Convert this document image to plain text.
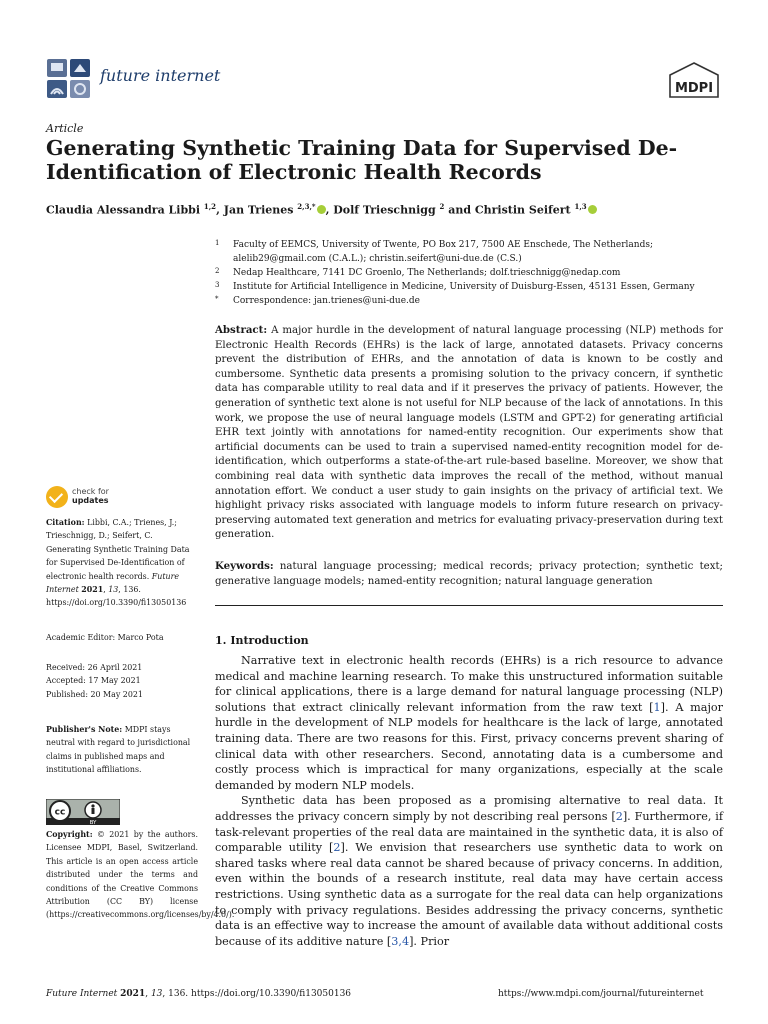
future internet
MDPI
Article
Generating Synthetic Training Data for Supervised De-Identification of Electronic Health Records
Claudia Alessandra Libbi $^{1,2}$, Jan Trienes $^{2,3,*}$ , Dolf Trieschnigg $^2$ and Christin Seifert $^{1,3}$
1 Faculty of EEMCS, University of Twente, PO Box 217, 7500 AE Enschede, The Netherlands; alelib29@gmail.com (C.A.L.); christin.seifert@uni-due.de (C.S.)
2 Nedap Healthcare, 7141 DC Groenlo, The Netherlands; dolf.trieschnigg@nedap.com
3 Institute for Artificial Intelligence in Medicine, University of Duisburg-Essen, 45131 Essen, Germany
* Correspondence: jan.trienes@uni-due.de
Abstract: A major hurdle in the development of natural language processing (NLP) methods for Electronic Health Records (EHRs) is the lack of large, annotated datasets. Privacy concerns prevent the distribution of EHRs, and the annotation of data is known to be costly and cumbersome. Synthetic data presents a promising solution to the privacy concern, if synthetic data has comparable utility to real data and if it preserves the privacy of patients. However, the generation of synthetic text alone is not useful for NLP because of the lack of annotations. In this work, we propose the use of neural language models (LSTM and GPT-2) for generating artificial EHR text jointly with annotations for named-entity recognition. Our experiments show that artificial documents can be used to train a supervised named-entity recognition model for de-identification, which outperforms a state-of-the-art rule-based baseline. Moreover, we show that combining real data with synthetic data improves the recall of the method, without manual annotation effort. We conduct a user study to gain insights on the privacy of artificial text. We highlight privacy risks associated with language models to inform future research on privacy-preserving automated text generation and metrics for evaluating privacy-preservation during text generation.
Keywords: natural language processing; medical records; privacy protection; synthetic text; generative language models; named-entity recognition; natural language generation
check for
updates
Citation: Libbi, C.A.; Trienes, J.; Trieschnigg, D.; Seifert, C. Generating Synthetic Training Data for Supervised De-Identification of electronic health records. Future Internet 2021, 13, 136. https://doi.org/10.3390/fi13050136
Academic Editor: Marco Pota
Received: 26 April 2021
Accepted: 17 May 2021
Published: 20 May 2021
Publisher's Note: MDPI stays neutral with regard to jurisdictional claims in published maps and institutional affiliations.
cc
BY
Copyright: © 2021 by the authors. Licensee MDPI, Basel, Switzerland. This article is an open access article distributed under the terms and conditions of the Creative Commons Attribution (CC BY) license (https://creativecommons.org/licenses/by/4.0/).
1. Introduction

Narrative text in electronic health records (EHRs) is a rich resource to advance medical and machine learning research. To make this unstructured information suitable for clinical applications, there is a large demand for natural language processing (NLP) solutions that extract clinically relevant information from the raw text [1]. A major hurdle in the development of NLP models for healthcare is the lack of large, annotated training data. There are two reasons for this. First, privacy concerns prevent sharing of clinical data with other researchers. Second, annotating data is a cumbersome and costly process which is impractical for many organizations, especially at the scale demanded by modern NLP models.

Synthetic data has been proposed as a promising alternative to real data. It addresses the privacy concern simply by not describing real persons [2]. Furthermore, if task-relevant properties of the real data are maintained in the synthetic data, it is also of comparable utility [2]. We envision that researchers use synthetic data to work on shared tasks where real data cannot be shared because of privacy concerns. In addition, even within the bounds of a research institute, real data may have certain access restrictions. Using synthetic data as a surrogate for the real data can help organizations to comply with privacy regulations. Besides addressing the privacy concerns, synthetic data is an effective way to increase the amount of available data without additional costs because of its additive nature [3,4]. Prior

Future Internet 2021, 13, 136. https://doi.org/10.3390/fi13050136	https://www.mdpi.com/journal/futureinternet
